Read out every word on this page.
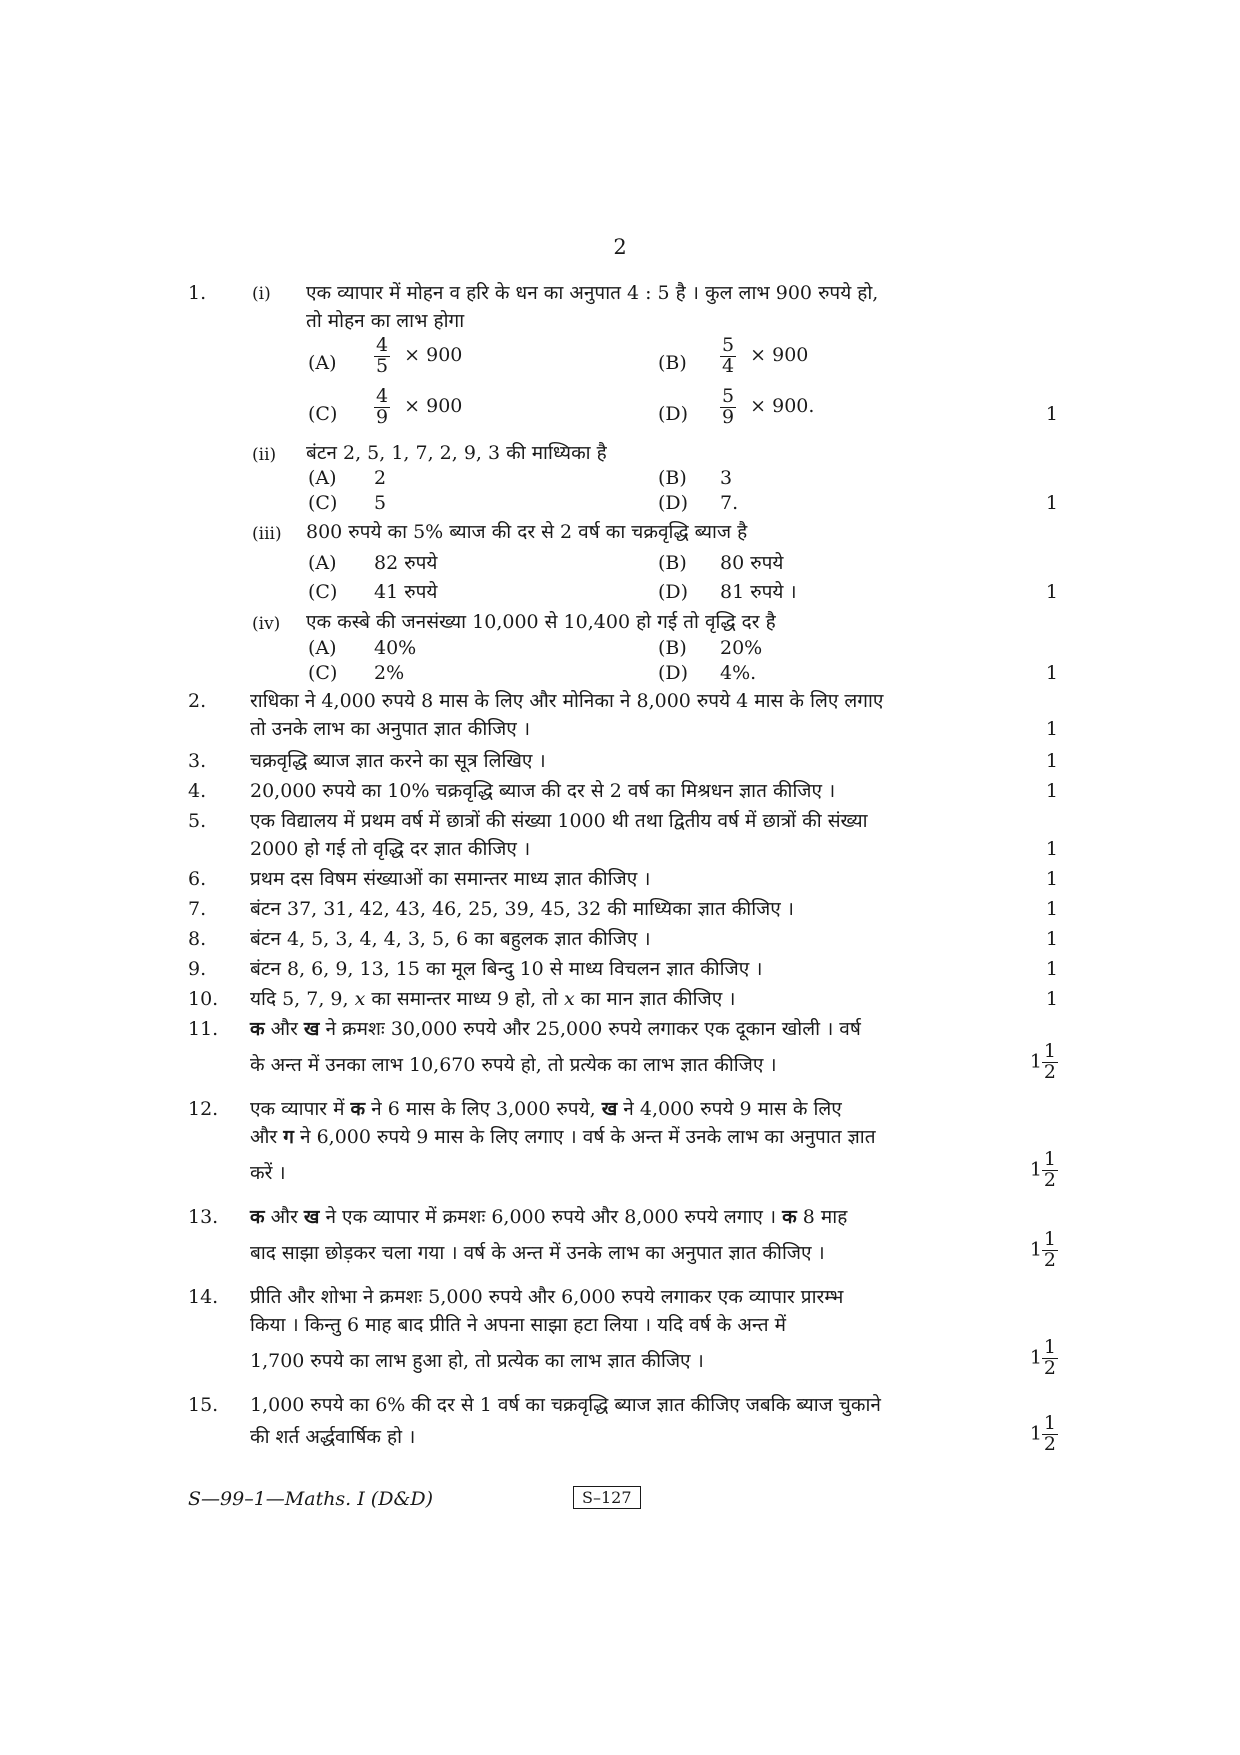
2
1.	(i) एक व्यापार में मोहन व हरि के धन का अनुपात 4 : 5 है । कुल लाभ 900 रुपये हो,
तो मोहन का लाभ होगा
$(A) \frac{4}{5} \times 900$	$(B) \frac{5}{4} \times 900$
$(C) \frac{4}{9} \times 900$	$(D) \frac{5}{9} \times 900$.	1
(ii) बंटन 2, 5, 1, 7, 2, 9, 3 की माध्यिका है
(A) 2	(B) 3
(C) 5	(D) 7.	1
(iii) 800 रुपये का 5% ब्याज की दर से 2 वर्ष का चक्रवृद्धि ब्याज है
(A) 82 रुपये	(B) 80 रुपये
(C) 41 रुपये	(D) 81 रुपये ।	1
(iv) एक कस्बे की जनसंख्या 10,000 से 10,400 हो गई तो वृद्धि दर है
(A) 40%	(B) 20%
(C) 2%	(D) 4%.	1
2. राधिका ने 4,000 रुपये 8 मास के लिए और मोनिका ने 8,000 रुपये 4 मास के लिए लगाए
तो उनके लाभ का अनुपात ज्ञात कीजिए ।	1
3. चक्रवृद्धि ब्याज ज्ञात करने का सूत्र लिखिए ।	1
4. 20,000 रुपये का 10% चक्रवृद्धि ब्याज की दर से 2 वर्ष का मिश्रधन ज्ञात कीजिए ।	1
5. एक विद्यालय में प्रथम वर्ष में छात्रों की संख्या 1000 थी तथा द्वितीय वर्ष में छात्रों की संख्या
2000 हो गई तो वृद्धि दर ज्ञात कीजिए ।	1
6. प्रथम दस विषम संख्याओं का समान्तर माध्य ज्ञात कीजिए ।	1
7. बंटन 37, 31, 42, 43, 46, 25, 39, 45, 32 की माध्यिका ज्ञात कीजिए ।	1
8. बंटन 4, 5, 3, 4, 4, 3, 5, 6 का बहुलक ज्ञात कीजिए ।	1
9. बंटन 8, 6, 9, 13, 15 का मूल बिन्दु 10 से माध्य विचलन ज्ञात कीजिए ।	1
10. यदि 5, 7, 9, x का समान्तर माध्य 9 हो, तो x का मान ज्ञात कीजिए ।	1
11. क और ख ने क्रमशः 30,000 रुपये और 25,000 रुपये लगाकर एक दूकान खोली । वर्ष
के अन्त में उनका लाभ 10,670 रुपये हो, तो प्रत्येक का लाभ ज्ञात कीजिए ।	$1 \frac{1}{2}$
12. एक व्यापार में क ने 6 मास के लिए 3,000 रुपये, ख ने 4,000 रुपये 9 मास के लिए
और ग ने 6,000 रुपये 9 मास के लिए लगाए । वर्ष के अन्त में उनके लाभ का अनुपात ज्ञात
करें ।	$1 \frac{1}{2}$
13. क और ख ने एक व्यापार में क्रमशः 6,000 रुपये और 8,000 रुपये लगाए । क 8 माह
बाद साझा छोड़कर चला गया । वर्ष के अन्त में उनके लाभ का अनुपात ज्ञात कीजिए ।	$1 \frac{1}{2}$
14. प्रीति और शोभा ने क्रमशः 5,000 रुपये और 6,000 रुपये लगाकर एक व्यापार प्रारम्भ
किया । किन्तु 6 माह बाद प्रीति ने अपना साझा हटा लिया । यदि वर्ष के अन्त में
1,700 रुपये का लाभ हुआ हो, तो प्रत्येक का लाभ ज्ञात कीजिए ।	$1 \frac{1}{2}$
15. 1,000 रुपये का 6% की दर से 1 वर्ष का चक्रवृद्धि ब्याज ज्ञात कीजिए जबकि ब्याज चुकाने
की शर्त अर्द्धवार्षिक हो ।	$1 \frac{1}{2}$
S—99–1—Maths. I (D&D)	S–127
